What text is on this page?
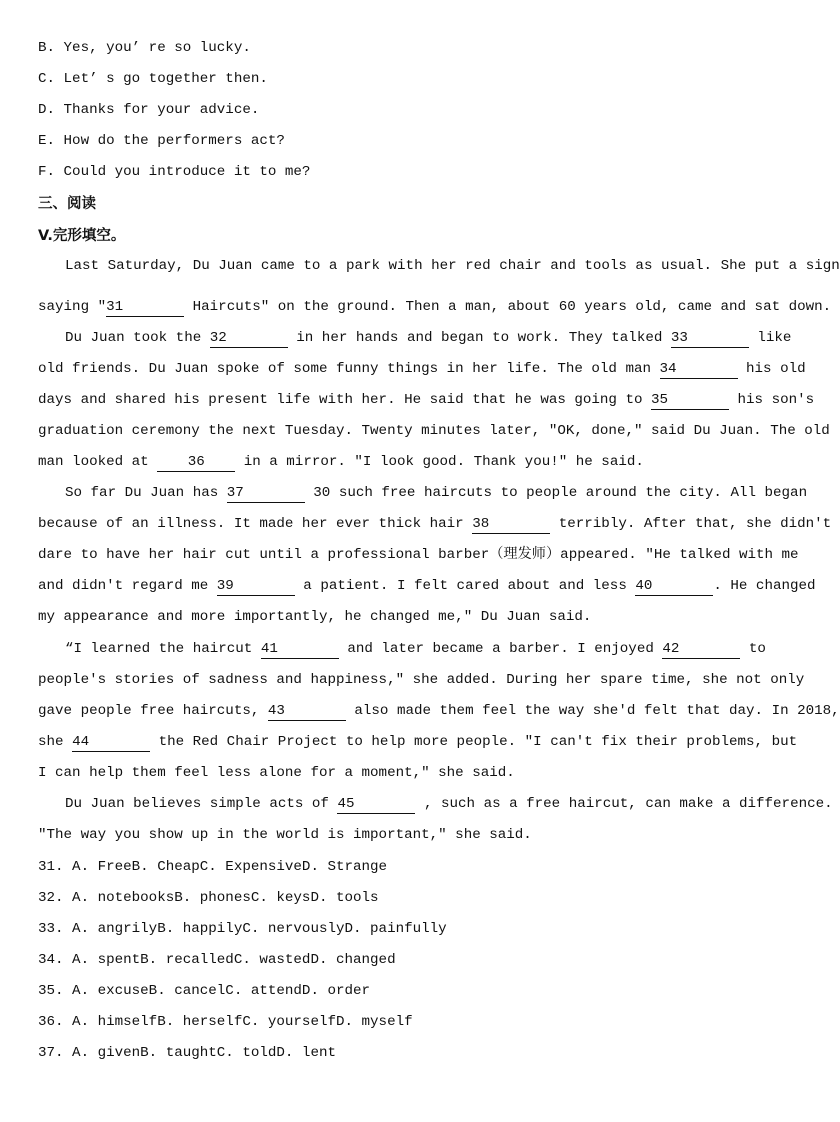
B. Yes, you’ re so lucky.
C. Let’ s go together then.
D. Thanks for your advice.
E. How do the performers act?
F. Could you introduce it to me?
三、阅读
V.完形填空。
Last Saturday, Du Juan came to a park with her red chair and tools as usual. She put a sign
saying "31	Haircuts" on the ground. Then a man, about 60 years old, came and sat down.
Du Juan took the 32	in her hands and began to work. They talked 33	like
old friends. Du Juan spoke of some funny things in her life. The old man 34	his old
days and shared his present life with her. He said that he was going to 35	his son's
graduation ceremony the next Tuesday. Twenty minutes later, "OK, done," said Du Juan. The old
man looked at 36 in a mirror. "I look good. Thank you!" he said.
So far Du Juan has 37	30 such free haircuts to people around the city. All began
because of an illness. It made her ever thick hair 38	terribly. After that, she didn't
dare to have her hair cut until a professional barber（理发师）appeared. "He talked with me
and didn't regard me 39	a patient. I felt cared about and less 40	. He changed
my appearance and more importantly, he changed me," Du Juan said.
“I learned the haircut 41	and later became a barber. I enjoyed 42	to
people's stories of sadness and happiness," she added. During her spare time, she not only
gave people free haircuts, 43	also made them feel the way she'd felt that day. In 2018,
she 44	the Red Chair Project to help more people. "I can't fix their problems, but
I can help them feel less alone for a moment," she said.
Du Juan believes simple acts of 45	, such as a free haircut, can make a difference.
"The way you show up in the world is important," she said.
31. A. FreeB. CheapC. ExpensiveD. Strange
32. A. notebooksB. phonesC. keysD. tools
33. A. angrilyB. happilyC. nervouslyD. painfully
34. A. spentB. recalledC. wastedD. changed
35. A. excuseB. cancelC. attendD. order
36. A. himselfB. herselfC. yourselfD. myself
37. A. givenB. taughtC. toldD. lent
